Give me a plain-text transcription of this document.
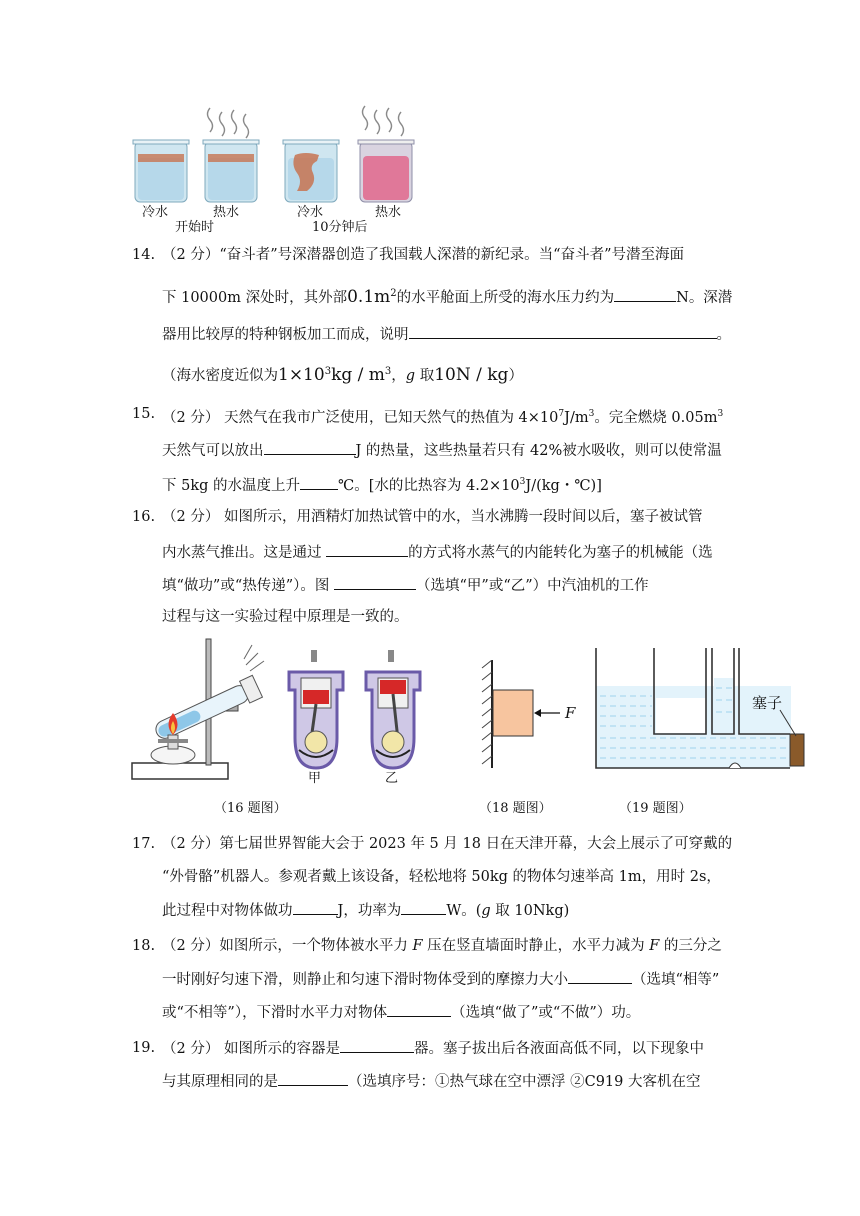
冷水	热水	冷水	热水
开始时	10分钟后
14. （2 分）“奋斗者”号深潜器创造了我国载人深潜的新纪录。当“奋斗者”号潜至海面
下 10000m 深处时，其外部$0.1m^2$的水平舱面上所受的海水压力约为	N。深潜
器用比较厚的特种钢板加工而成，说明	。
（海水密度近似为$1\times 10^3kg / m^3$，g 取10N / kg）
15. （2 分） 天然气在我市广泛使用，已知天然气的热值为 $4\times 10^7J/m^3$。完全燃烧 $0.05m^3$
天然气可以放出	J 的热量，这些热量若只有 42%被水吸收，则可以使常温
下 5kg 的水温度上升	℃。[水的比热容为 $4.2\times 10^3J/(kg$・℃)]
16. （2 分） 如图所示，用酒精灯加热试管中的水，当水沸腾一段时间以后，塞子被试管
内水蒸气推出。这是通过	的方式将水蒸气的内能转化为塞子的机械能（选
填“做功”或“热传递”）。图	（选填“甲”或“乙”）中汽油机的工作
过程与这一实验过程中原理是一致的。
甲	乙
F
塞子
（16 题图）	（18 题图）	（19 题图）
17. （2 分）第七届世界智能大会于 2023 年 5 月 18 日在天津开幕，大会上展示了可穿戴的
“外骨骼”机器人。参观者戴上该设备，轻松地将 50kg 的物体匀速举高 1m，用时 2s，
此过程中对物体做功	J，功率为	W。(g 取 10Nkg)
18. （2 分）如图所示，一个物体被水平力 F 压在竖直墙面时静止，水平力减为 F 的三分之
一时刚好匀速下滑，则静止和匀速下滑时物体受到的摩擦力大小	（选填“相等”
或“不相等”），下滑时水平力对物体	（选填“做了”或“不做”）功。
19. （2 分） 如图所示的容器是	器。塞子拔出后各液面高低不同，以下现象中
与其原理相同的是	（选填序号：①热气球在空中漂浮 ②C919 大客机在空
